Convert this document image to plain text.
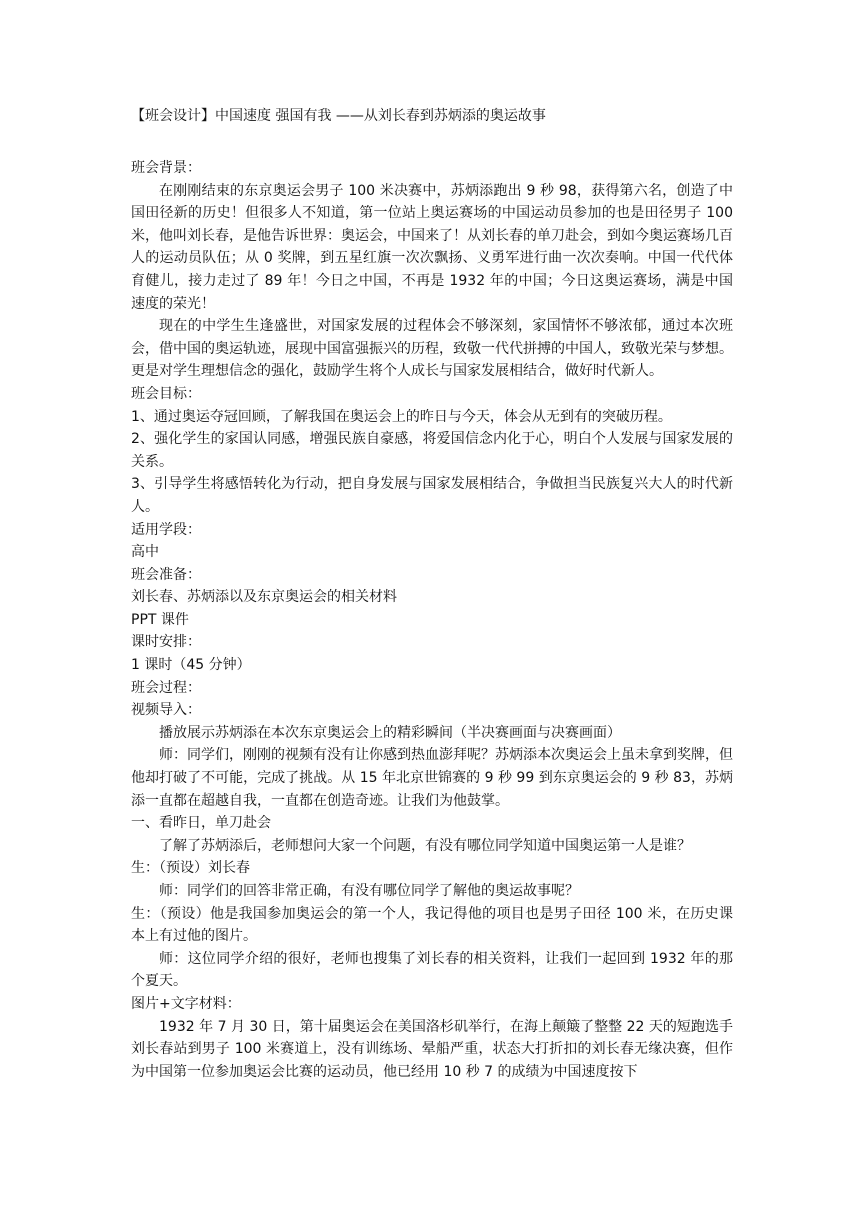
【班会设计】中国速度 强国有我 ——从刘长春到苏炳添的奥运故事

班会背景：

在刚刚结束的东京奥运会男子 100 米决赛中，苏炳添跑出 9 秒 98，获得第六名，创造了中国田径新的历史！但很多人不知道，第一位站上奥运赛场的中国运动员参加的也是田径男子 100 米，他叫刘长春，是他告诉世界：奥运会，中国来了！从刘长春的单刀赴会，到如今奥运赛场几百人的运动员队伍；从 0 奖牌，到五星红旗一次次飘扬、义勇军进行曲一次次奏响。中国一代代体育健儿，接力走过了 89 年！今日之中国，不再是 1932 年的中国；今日这奥运赛场，满是中国速度的荣光！

现在的中学生生逢盛世，对国家发展的过程体会不够深刻，家国情怀不够浓郁，通过本次班会，借中国的奥运轨迹，展现中国富强振兴的历程，致敬一代代拼搏的中国人，致敬光荣与梦想。更是对学生理想信念的强化，鼓励学生将个人成长与国家发展相结合，做好时代新人。

班会目标：

1、通过奥运夺冠回顾，了解我国在奥运会上的昨日与今天，体会从无到有的突破历程。

2、强化学生的家国认同感，增强民族自豪感，将爱国信念内化于心，明白个人发展与国家发展的关系。

3、引导学生将感悟转化为行动，把自身发展与国家发展相结合，争做担当民族复兴大人的时代新人。

适用学段：

高中

班会准备：

刘长春、苏炳添以及东京奥运会的相关材料

PPT 课件

课时安排：

1 课时（45 分钟）

班会过程：

视频导入：

播放展示苏炳添在本次东京奥运会上的精彩瞬间（半决赛画面与决赛画面）

师：同学们，刚刚的视频有没有让你感到热血澎拜呢？苏炳添本次奥运会上虽未拿到奖牌，但他却打破了不可能，完成了挑战。从 15 年北京世锦赛的 9 秒 99 到东京奥运会的 9 秒 83，苏炳添一直都在超越自我，一直都在创造奇迹。让我们为他鼓掌。

一、看昨日，单刀赴会

了解了苏炳添后，老师想问大家一个问题，有没有哪位同学知道中国奥运第一人是谁？

生：（预设）刘长春

师：同学们的回答非常正确，有没有哪位同学了解他的奥运故事呢？

生：（预设）他是我国参加奥运会的第一个人，我记得他的项目也是男子田径 100 米，在历史课本上有过他的图片。

师：这位同学介绍的很好，老师也搜集了刘长春的相关资料，让我们一起回到 1932 年的那个夏天。

图片+文字材料：

1932 年 7 月 30 日，第十届奥运会在美国洛杉矶举行，在海上颠簸了整整 22 天的短跑选手刘长春站到男子 100 米赛道上，没有训练场、晕船严重，状态大打折扣的刘长春无缘决赛，但作为中国第一位参加奥运会比赛的运动员，他已经用 10 秒 7 的成绩为中国速度按下
